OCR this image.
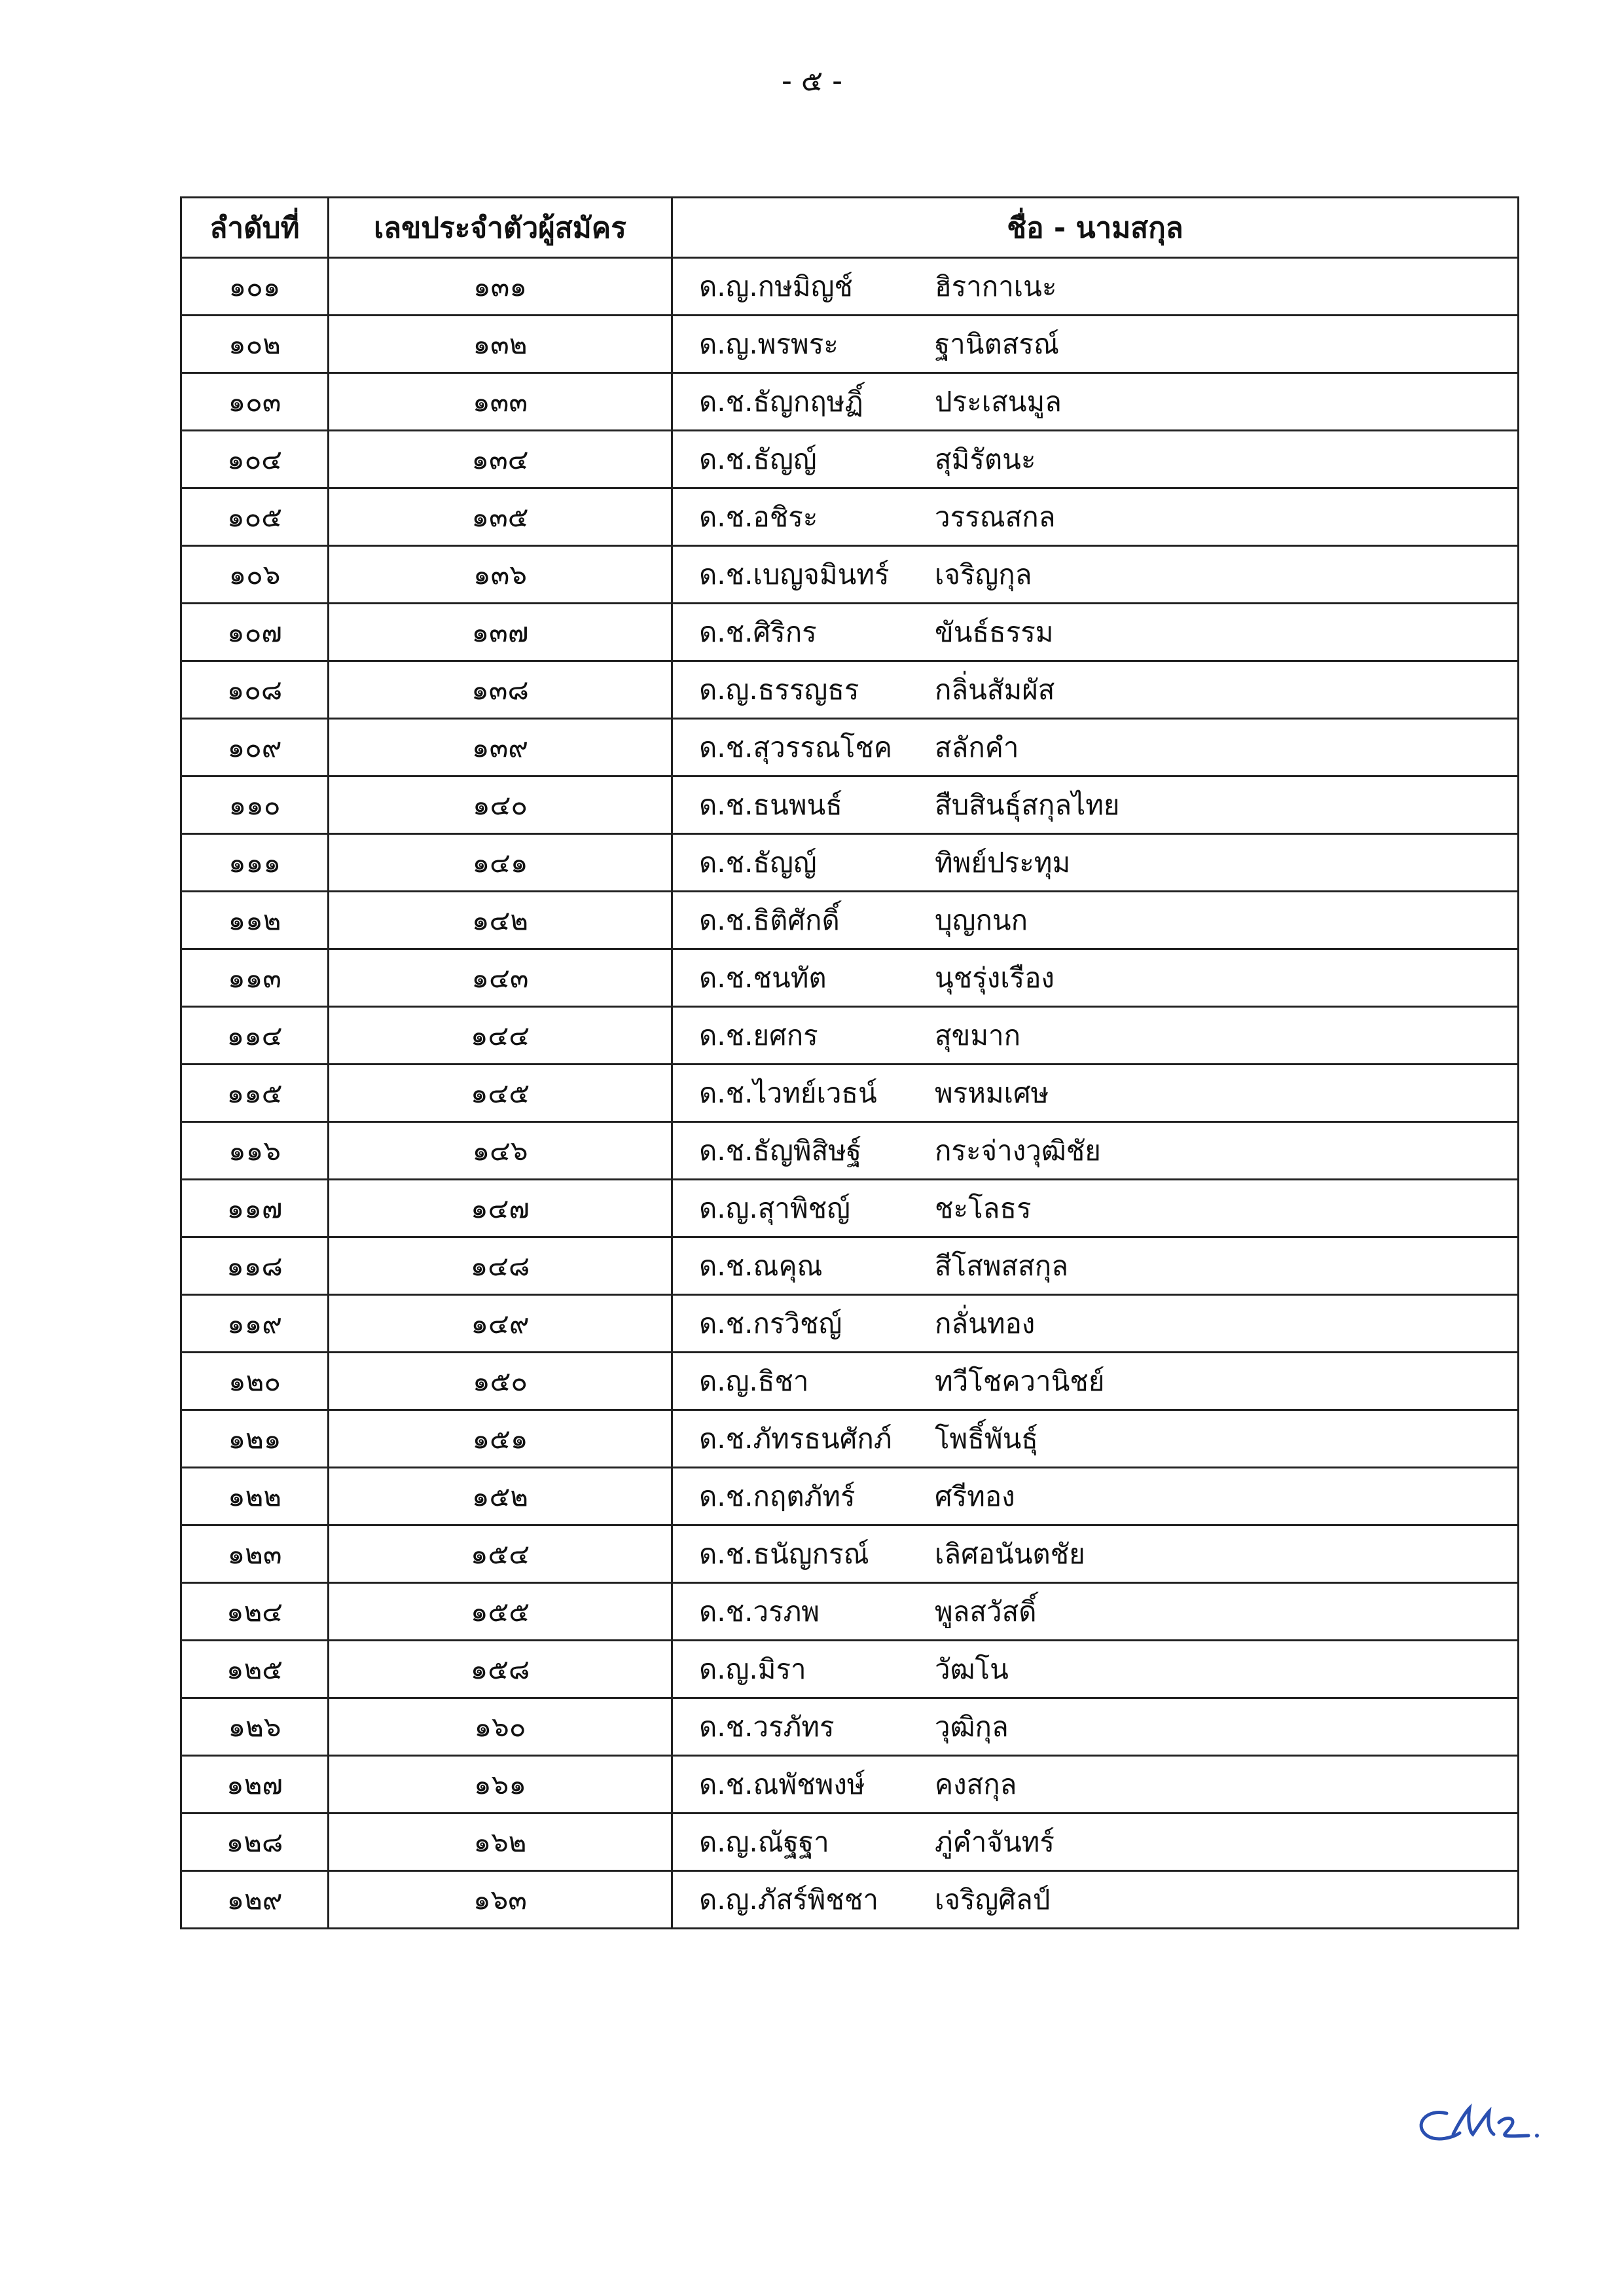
- ๕ -
ลำดับที่	เลขประจำตัวผู้สมัคร	ชื่อ - นามสกุล
๑๐๑	๑๓๑	ด.ญ.กษมิญช์ ฮิรากาเนะ
๑๐๒	๑๓๒	ด.ญ.พรพระ ฐานิตสรณ์
๑๐๓	๑๓๓	ด.ช.ธัญกฤษฏิ์ ประเสนมูล
๑๐๔	๑๓๔	ด.ช.ธัญญ์ สุมิรัตนะ
๑๐๕	๑๓๕	ด.ช.อชิระ วรรณสกล
๑๐๖	๑๓๖	ด.ช.เบญจมินทร์ เจริญกุล
๑๐๗	๑๓๗	ด.ช.ศิริกร ขันธ์ธรรม
๑๐๘	๑๓๘	ด.ญ.ธรรญธร กลิ่นสัมผัส
๑๐๙	๑๓๙	ด.ช.สุวรรณโชค สลักคำ
๑๑๐	๑๔๐	ด.ช.ธนพนธ์ สืบสินธุ์สกุลไทย
๑๑๑	๑๔๑	ด.ช.ธัญญ์ ทิพย์ประทุม
๑๑๒	๑๔๒	ด.ช.ธิติศักดิ์ บุญกนก
๑๑๓	๑๔๓	ด.ช.ชนทัต นุชรุ่งเรือง
๑๑๔	๑๔๔	ด.ช.ยศกร สุขมาก
๑๑๕	๑๔๕	ด.ช.ไวทย์เวธน์ พรหมเศษ
๑๑๖	๑๔๖	ด.ช.ธัญพิสิษฐ์ กระจ่างวุฒิชัย
๑๑๗	๑๔๗	ด.ญ.สุาพิชญ์ ชะโลธร
๑๑๘	๑๔๘	ด.ช.ณคุณ สีโสพสสกุล
๑๑๙	๑๔๙	ด.ช.กรวิชญ์ กลั่นทอง
๑๒๐	๑๕๐	ด.ญ.ธิชา ทวีโชควานิชย์
๑๒๑	๑๕๑	ด.ช.ภัทรธนศักภ์ โพธิ์พันธุ์
๑๒๒	๑๕๒	ด.ช.กฤตภัทร์ ศรีทอง
๑๒๓	๑๕๔	ด.ช.ธนัญกรณ์ เลิศอนันตชัย
๑๒๔	๑๕๕	ด.ช.วรภพ พูลสวัสดิ์
๑๒๕	๑๕๘	ด.ญ.มิรา วัฒโน
๑๒๖	๑๖๐	ด.ช.วรภัทร วุฒิกุล
๑๒๗	๑๖๑	ด.ช.ณพัชพงษ์ คงสกุล
๑๒๘	๑๖๒	ด.ญ.ณัฐฐา ภู่คำจันทร์
๑๒๙	๑๖๓	ด.ญ.ภัสร์พิชชา เจริญศิลป์
